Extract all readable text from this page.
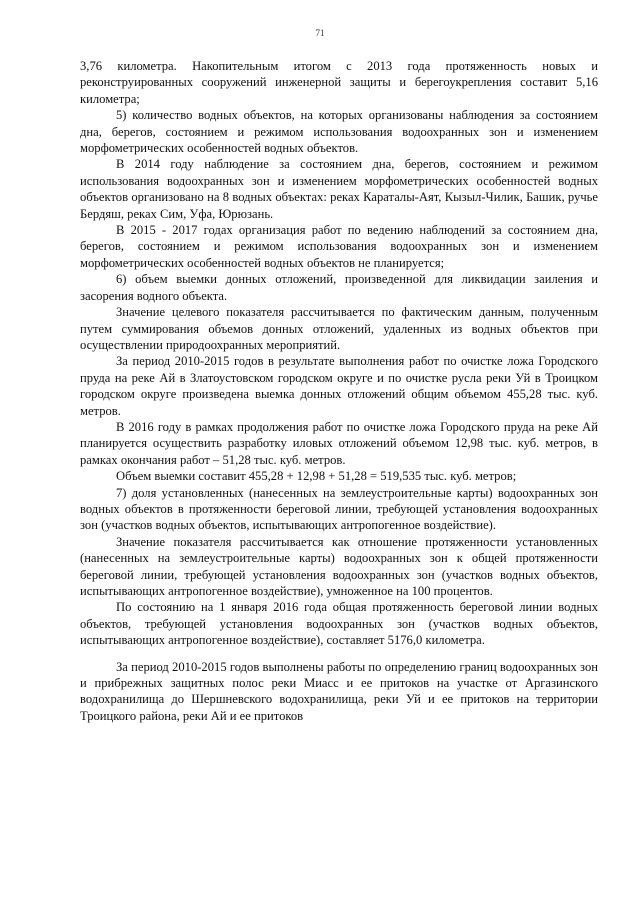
71

3,76 километра. Накопительным итогом с 2013 года протяженность новых и реконструированных сооружений инженерной защиты и берегоукрепления составит 5,16 километра;

5) количество водных объектов, на которых организованы наблюдения за состоянием дна, берегов, состоянием и режимом использования водоохранных зон и изменением морфометрических особенностей водных объектов.

В 2014 году наблюдение за состоянием дна, берегов, состоянием и режимом использования водоохранных зон и изменением морфометрических особенностей водных объектов организовано на 8 водных объектах: реках Караталы-Аят, Кызыл-Чилик, Башик, ручье Бердяш, реках Сим, Уфа, Юрюзань.

В 2015 - 2017 годах организация работ по ведению наблюдений за состоянием дна, берегов, состоянием и режимом использования водоохранных зон и изменением морфометрических особенностей водных объектов не планируется;

6) объем выемки донных отложений, произведенной для ликвидации заиления и засорения водного объекта.

Значение целевого показателя рассчитывается по фактическим данным, полученным путем суммирования объемов донных отложений, удаленных из водных объектов при осуществлении природоохранных мероприятий.

За период 2010-2015 годов в результате выполнения работ по очистке ложа Городского пруда на реке Ай в Златоустовском городском округе и по очистке русла реки Уй в Троицком городском округе произведена выемка донных отложений общим объемом 455,28 тыс. куб. метров.

В 2016 году в рамках продолжения работ по очистке ложа Городского пруда на реке Ай планируется осуществить разработку иловых отложений объемом 12,98 тыс. куб. метров, в рамках окончания работ – 51,28 тыс. куб. метров.

Объем выемки составит 455,28 + 12,98 + 51,28 = 519,535 тыс. куб. метров;

7) доля установленных (нанесенных на землеустроительные карты) водоохранных зон водных объектов в протяженности береговой линии, требующей установления водоохранных зон (участков водных объектов, испытывающих антропогенное воздействие).

Значение показателя рассчитывается как отношение протяженности установленных (нанесенных на землеустроительные карты) водоохранных зон к общей протяженности береговой линии, требующей установления водоохранных зон (участков водных объектов, испытывающих антропогенное воздействие), умноженное на 100 процентов.

По состоянию на 1 января 2016 года общая протяженность береговой линии водных объектов, требующей установления водоохранных зон (участков водных объектов, испытывающих антропогенное воздействие), составляет 5176,0 километра.

За период 2010-2015 годов выполнены работы по определению границ водоохранных зон и прибрежных защитных полос реки Миасс и ее притоков на участке от Аргазинского водохранилища до Шершневского водохранилища, реки Уй и ее притоков на территории Троицкого района, реки Ай и ее притоков
